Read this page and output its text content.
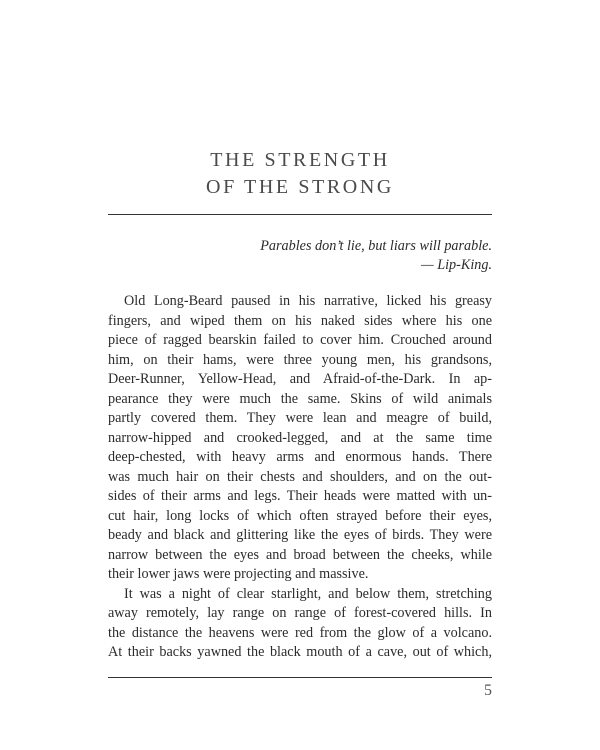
THE STRENGTH
OF THE STRONG
Parables don’t lie, but liars will parable.
— Lip-King.
Old Long-Beard paused in his narrative, licked his greasy
fingers, and wiped them on his naked sides where his one
piece of ragged bearskin failed to cover him. Crouched around
him, on their hams, were three young men, his grandsons,
Deer-Runner, Yellow-Head, and Afraid-of-the-Dark. In ap-
pearance they were much the same. Skins of wild animals
partly covered them. They were lean and meagre of build,
narrow-hipped and crooked-legged, and at the same time
deep-chested, with heavy arms and enormous hands. There
was much hair on their chests and shoulders, and on the out-
sides of their arms and legs. Their heads were matted with un-
cut hair, long locks of which often strayed before their eyes,
beady and black and glittering like the eyes of birds. They were
narrow between the eyes and broad between the cheeks, while
their lower jaws were projecting and massive.
It was a night of clear starlight, and below them, stretching
away remotely, lay range on range of forest-covered hills. In
the distance the heavens were red from the glow of a volcano.
At their backs yawned the black mouth of a cave, out of which,
5
